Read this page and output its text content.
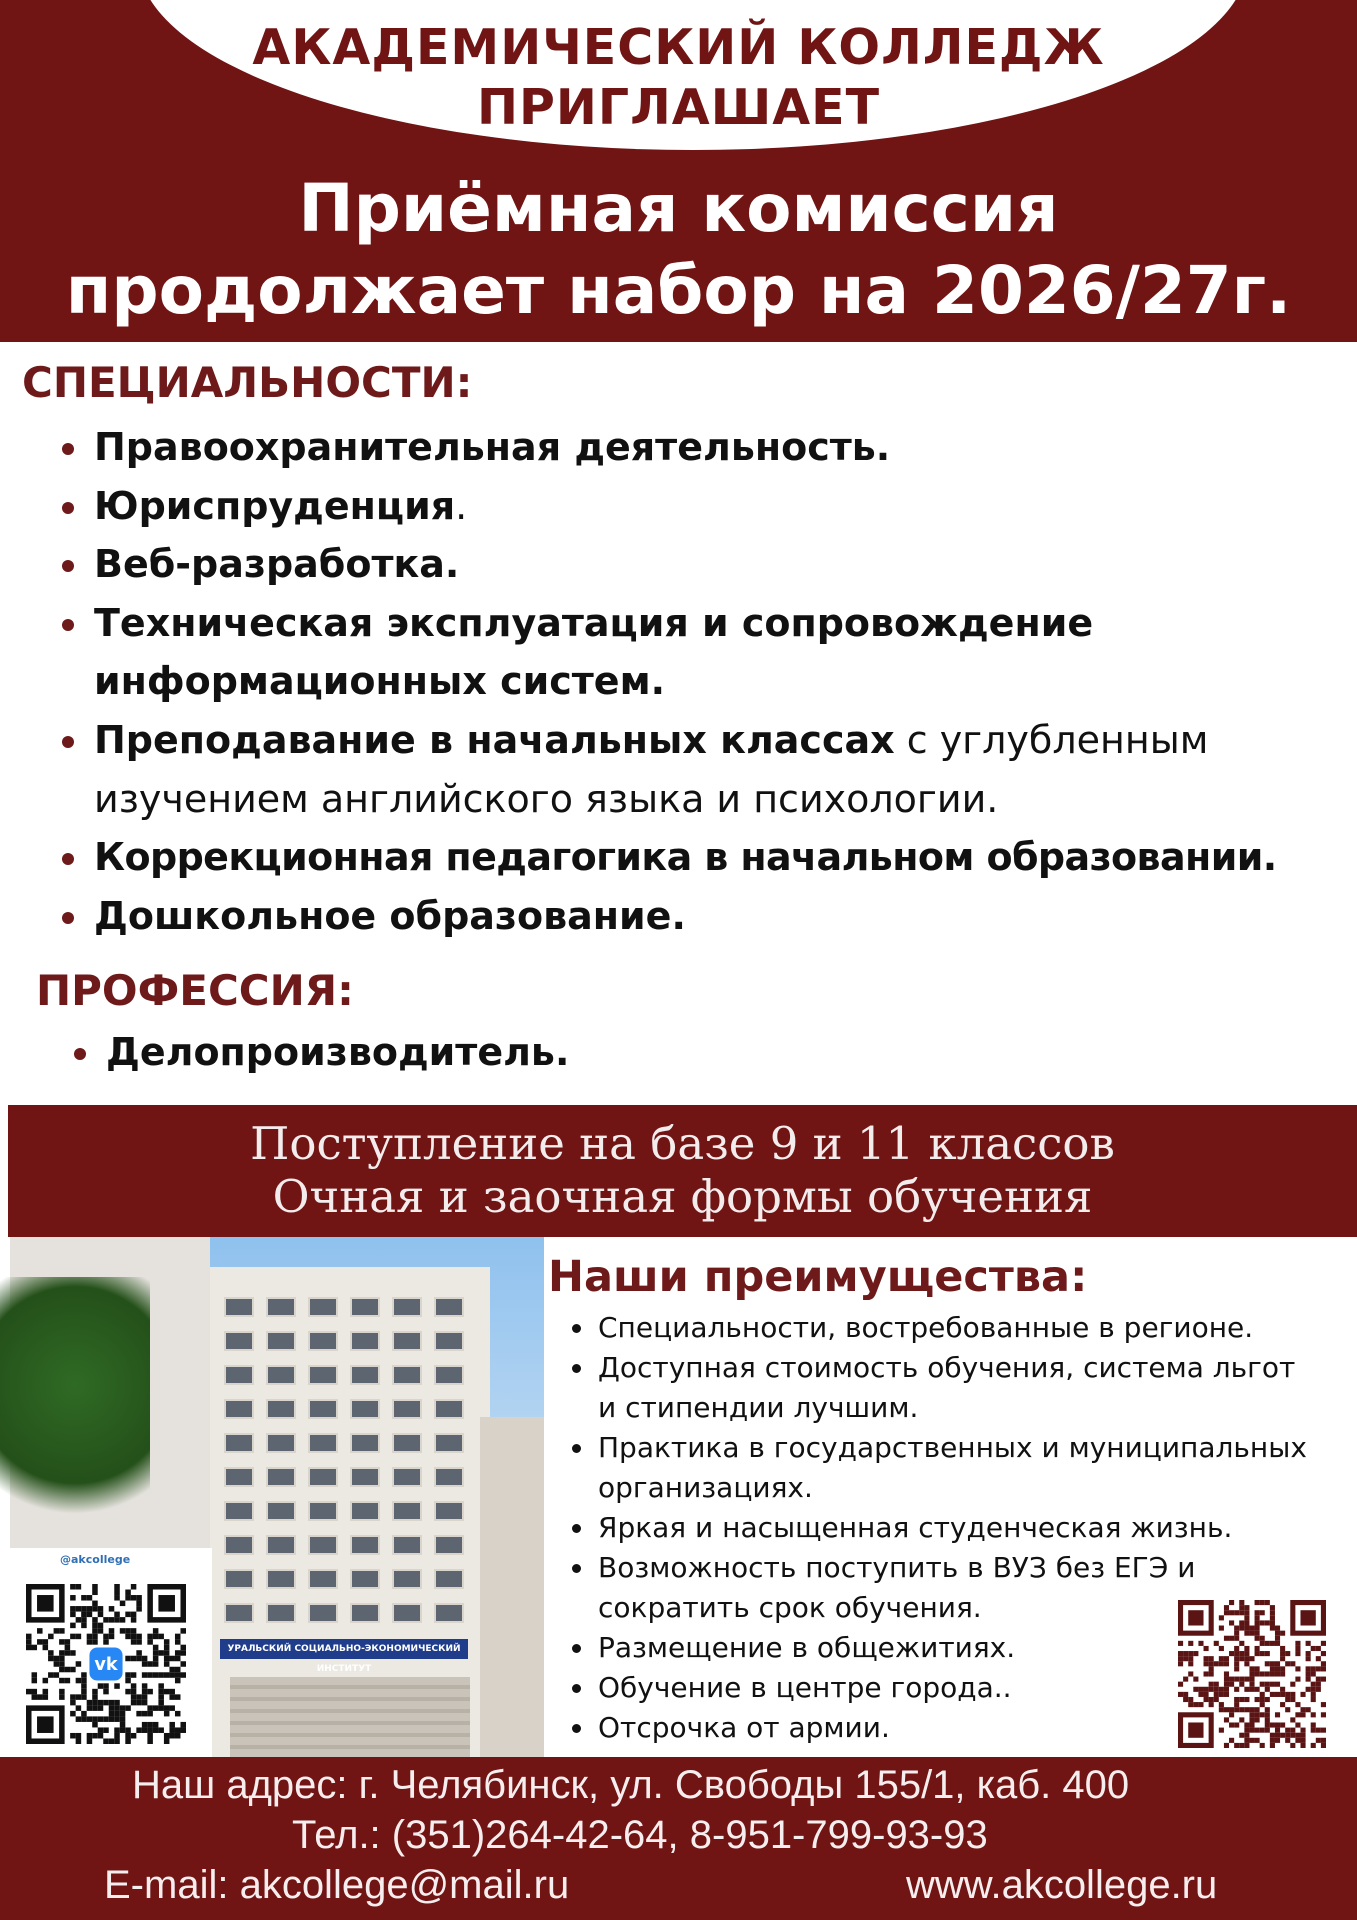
АКАДЕМИЧЕСКИЙ КОЛЛЕДЖ
ПРИГЛАШАЕТ
Приёмная комиссия
продолжает набор на 2026/27г.
СПЕЦИАЛЬНОСТИ:
Правоохранительная деятельность.
Юриспруденция.
Веб-разработка.
Техническая эксплуатация и сопровождение информационных систем.
Преподавание в начальных классах с углубленным изучением английского языка и психологии.
Коррекционная педагогика в начальном образовании.
Дошкольное образование.
ПРОФЕССИЯ:
Делопроизводитель.
Поступление на базе 9 и 11 классов
Очная и заочная формы обучения
УРАЛЬСКИЙ СОЦИАЛЬНО-ЭКОНОМИЧЕСКИЙ ИНСТИТУТ
@akcollege
vk
Наши преимущества:
Специальности, востребованные в регионе.
Доступная стоимость обучения, система льгот и стипендии лучшим.
Практика в государственных и муниципальных организациях.
Яркая и насыщенная студенческая жизнь.
Возможность поступить в ВУЗ без ЕГЭ и сократить срок обучения.
Размещение в общежитиях.
Обучение в центре города..
Отсрочка от армии.
Наш адрес: г. Челябинск, ул. Свободы 155/1, каб. 400
Тел.: (351)264-42-64, 8-951-799-93-93
E-mail: akcollege@mail.ru	www.akcollege.ru
